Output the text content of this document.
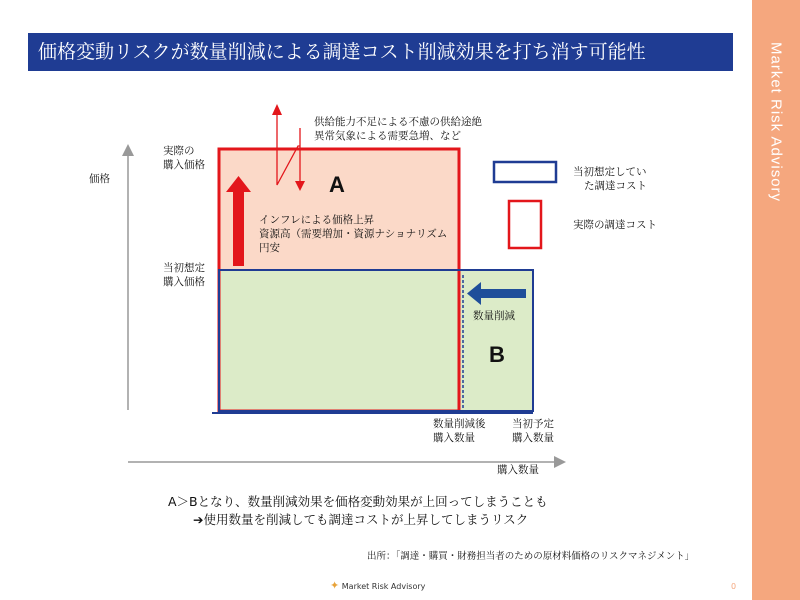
Market Risk Advisory
価格変動リスクが数量削減による調達コスト削減効果を打ち消す可能性
価格
実際の
購入価格
当初想定
購入価格
供給能力不足による不慮の供給途絶
異常気象による需要急増、など
インフレによる価格上昇
資源高（需要増加・資源ナショナリズム
円安
A
B
数量削減
数量削減後
購入数量
当初予定
購入数量
購入数量
当初想定してい
た調達コスト
実際の調達コスト
A＞Bとなり、数量削減効果を価格変動効果が上回ってしまうことも
➔使用数量を削減しても調達コストが上昇してしまうリスク
出所：「調達・購買・財務担当者のための原材料価格のリスクマネジメント」
✦ Market Risk Advisory	0
